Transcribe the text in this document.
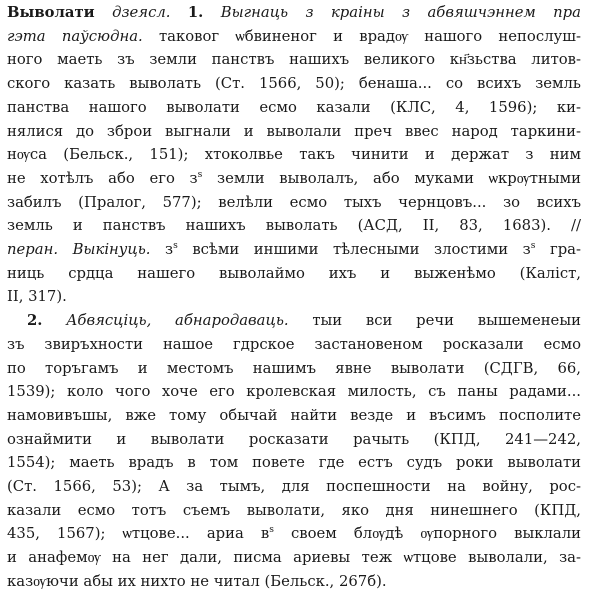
Выволати дзеясл. 1. Выгнаць з краіны з абвяшчэннем пра
гэта паўсюдна. таковог ѡбвиненог и врадѹ нашого непослуш-
ного маеть зъ земли панствъ нашихъ великого кн҃зьства литов-
ского казать выволать (Ст. 1566, 50); бенаша... со всихъ земль
панства нашого выволати есмо казали (КЛС, 4, 1596); ки-
нялися до зброи выгнали и выволали преч ввес народ таркини-
нѹса (Бельск., 151); хтоколвье такъ чинити и держат з ним
не хотѣлъ або его $з^s$ земли выволалъ, або муками ѡкрѹтными
забилъ (Пралог, 577); велѣли есмо тыхъ чернцовъ... зо всихъ
земль и панствъ нашихъ выволать (АСД, II, 83, 1683). //
перан. Выкінуць. $з^s$ всѣми иншими тѣлесными злостими $з^s$ гра-
ниць срдца нашего выволаймо ихъ и выженѣмо (Каліст,
II, 317).
2. Абвясціць, абнародаваць. тыи вси речи вышеменеыи
зъ звиръхности нашое гдрское застановеном росказали есмо
по торъгамъ и местомъ нашимъ явне выволати (СДГВ, 66,
1539); коло чого хоче его кролевская милость, съ паны радами...
намовивъшы, вже тому обычай найти везде и въсимъ посполите
ознаймити и выволати росказати рачыть (КПД, 241—242,
1554); маеть врадъ в том повете где естъ судъ роки выволати
(Ст. 1566, 53); А за тымъ, для поспешности на войну, рос-
казали есмо тотъ съемъ выволати, яко дня нинешнего (КПД,
435, 1567); ѡтцове... ариа $в^s$ своем блѹдѣ ѹпорного выклали
и анафемѹ на нег дали, писма ариевы теж ѡтцове выволали, за-
казѹючи абы их нихто не читал (Бельск., 267б).
